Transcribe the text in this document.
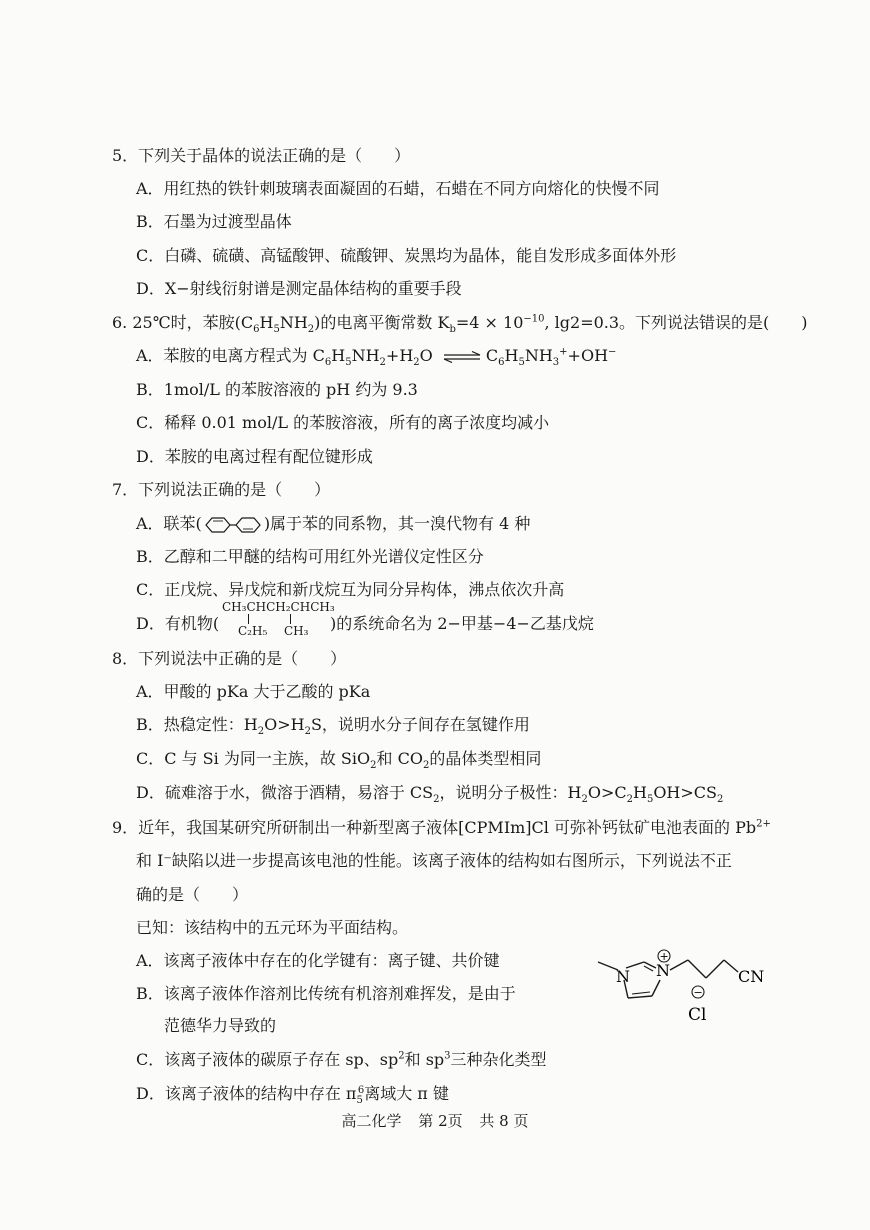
5．下列关于晶体的说法正确的是（　　）
A．用红热的铁针刺玻璃表面凝固的石蜡，石蜡在不同方向熔化的快慢不同
B．石墨为过渡型晶体
C．白磷、硫磺、高锰酸钾、硫酸钾、炭黑均为晶体，能自发形成多面体外形
D．X−射线衍射谱是测定晶体结构的重要手段
6. 25℃时，苯胺$(C_6H_5NH_2)$的电离平衡常数 $K_b=4 \times 10^{-10}$, lg2=0.3。下列说法错误的是(　　)
A．苯胺的电离方程式为 $C_6H_5NH_2+H_2O$ ⇌ $C_6H_5NH_3^++OH^-$
B．1mol/L 的苯胺溶液的 pH 约为 9.3
C．稀释 0.01 mol/L 的苯胺溶液，所有的离子浓度均减小
D．苯胺的电离过程有配位键形成
7．下列说法正确的是（　　）
A．联苯(	)属于苯的同系物，其一溴代物有 4 种
B．乙醇和二甲醚的结构可用红外光谱仪定性区分
C．正戊烷、异戊烷和新戊烷互为同分异构体，沸点依次升高
D．有机物(
CH₃CHCH₂CHCH₃
C₂H₅ CH₃ )的系统命名为 2−甲基−4−乙基戊烷
8．下列说法中正确的是（　　）
A．甲酸的 pKa 大于乙酸的 pKa
B．热稳定性：$H_2O>H_2S$，说明水分子间存在氢键作用
C．C 与 Si 为同一主族，故 SiO$_2$和 $CO_2$的晶体类型相同
D．硫难溶于水，微溶于酒精，易溶于 $CS_2$，说明分子极性：$H_2O>C_2H_5OH>CS_2$
9．近年，我国某研究所研制出一种新型离子液体[CPMIm]Cl 可弥补钙钛矿电池表面的 $Pb^{2+}$
和 I⁻缺陷以进一步提高该电池的性能。该离子液体的结构如右图所示，下列说法不正
确的是（　　）
已知：该结构中的五元环为平面结构。
A．该离子液体中存在的化学键有：离子键、共价键
B．该离子液体作溶剂比传统有机溶剂难挥发，是由于
范德华力导致的
C．该离子液体的碳原子存在 sp、$sp^2$和 $sp^3$三种杂化类型
D．该离子液体的结构中存在 $\pi_5^6$离域大 π 键
N N
+
CN
−
Cl
高二化学 第 2页 共 8 页
